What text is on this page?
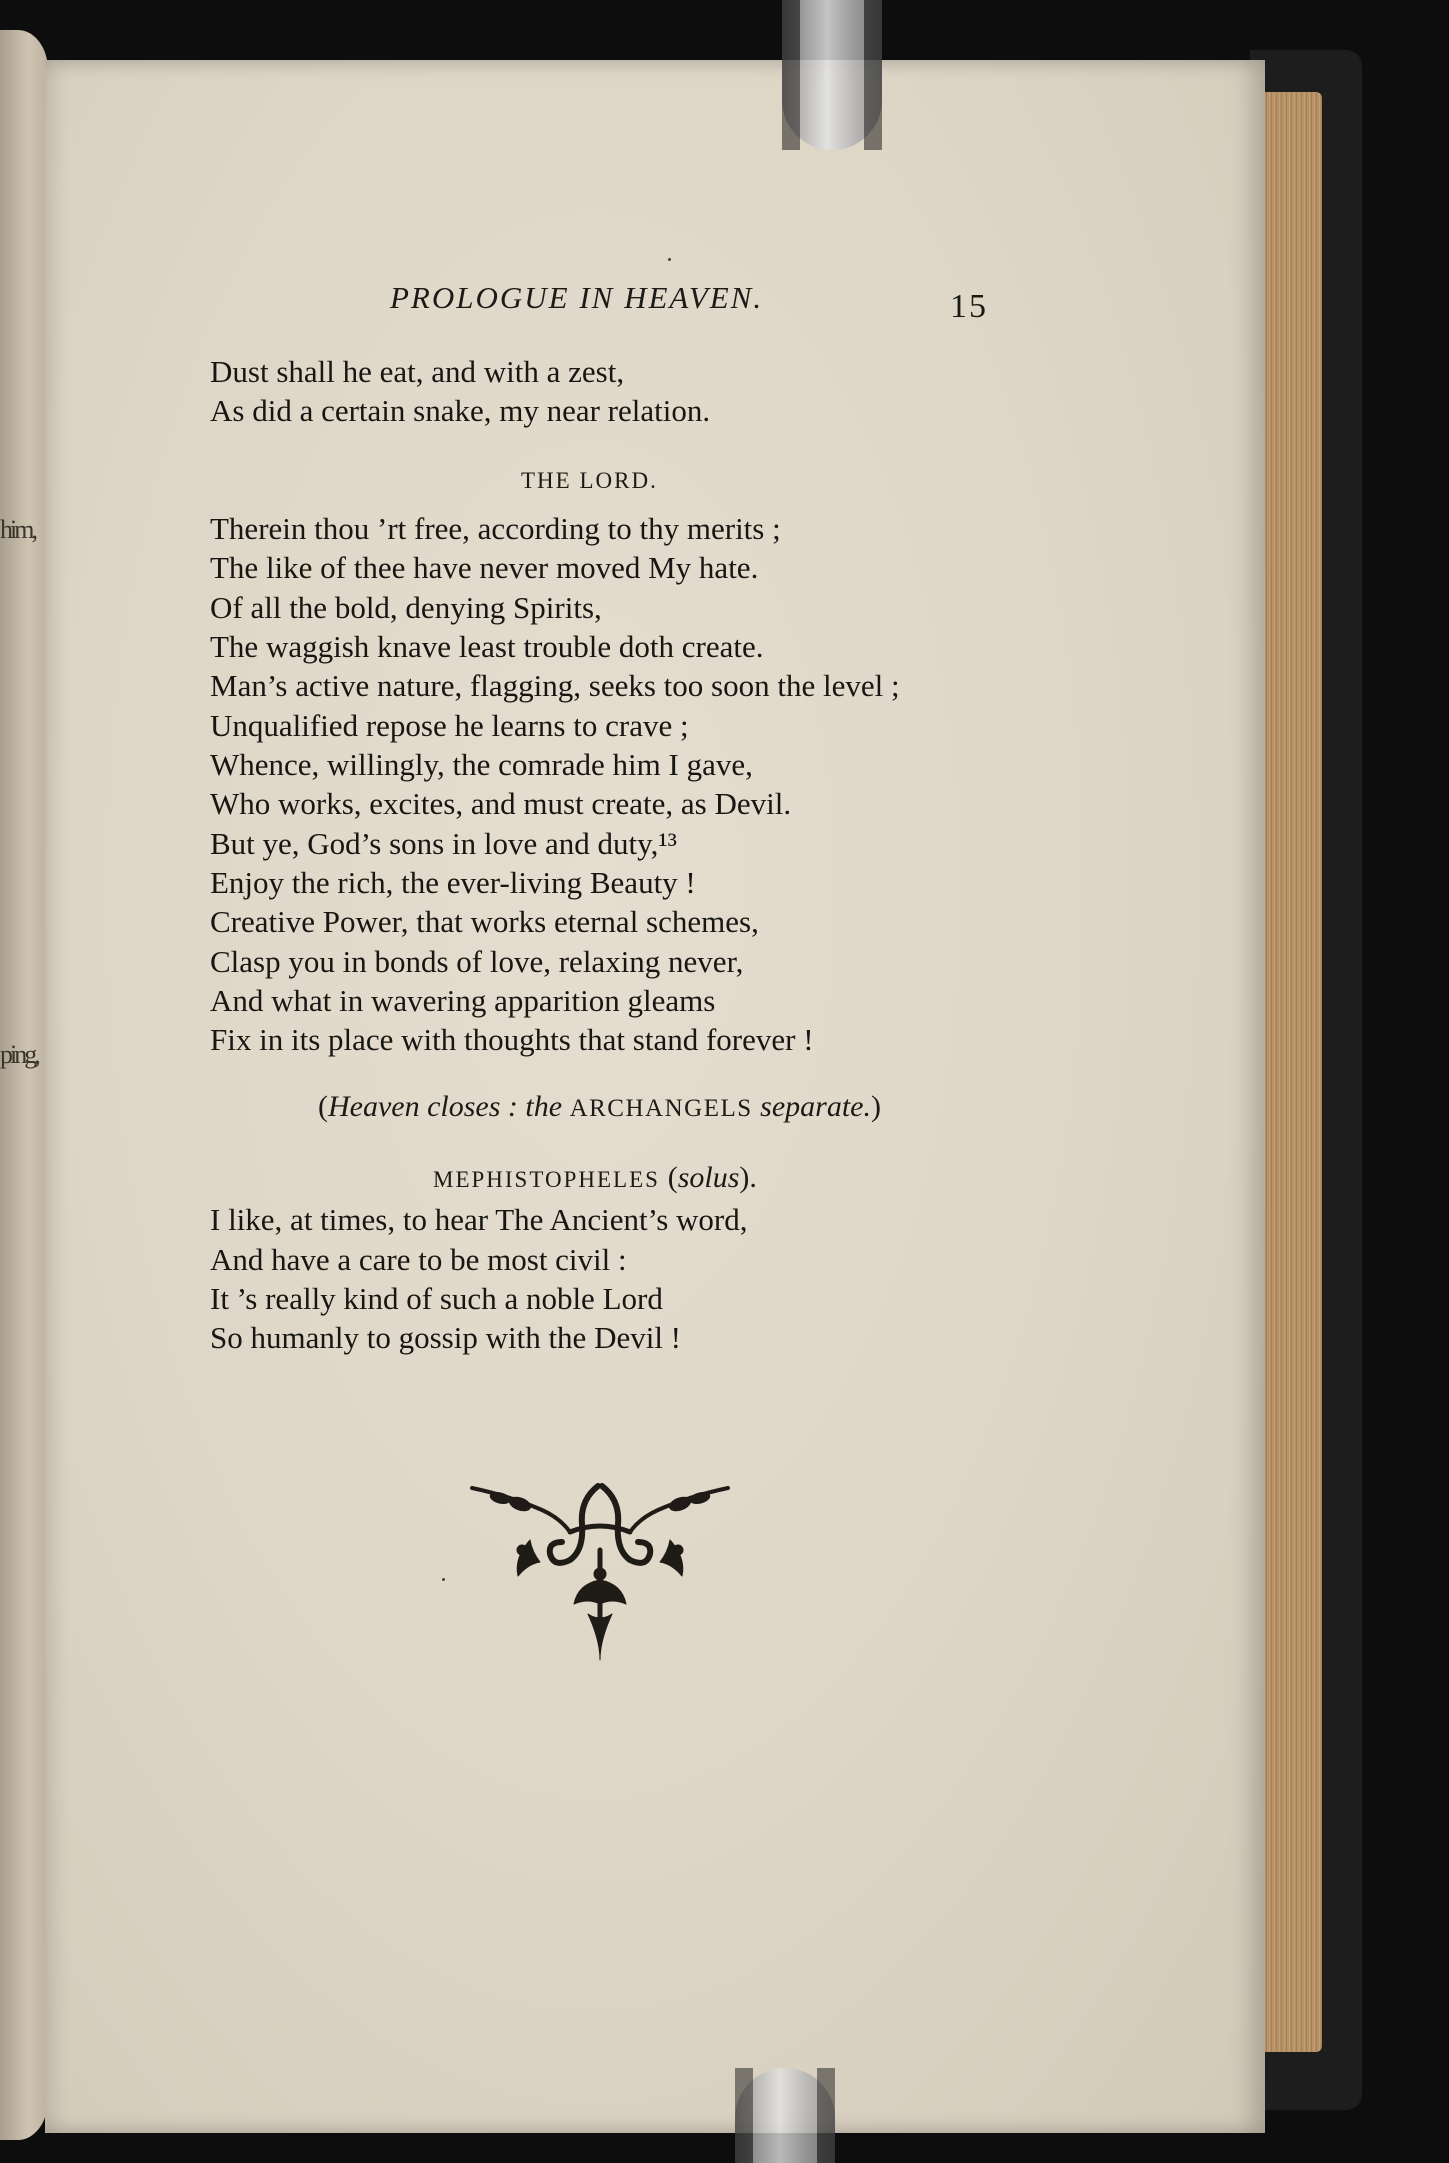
him,
ping,
PROLOGUE IN HEAVEN.	15
Dust shall he eat, and with a zest,
As did a certain snake, my near relation.
THE LORD.
Therein thou ’rt free, according to thy merits ;
The like of thee have never moved My hate.
Of all the bold, denying Spirits,
The waggish knave least trouble doth create.
Man’s active nature, flagging, seeks too soon the level ;
Unqualified repose he learns to crave ;
Whence, willingly, the comrade him I gave,
Who works, excites, and must create, as Devil.
But ye, God’s sons in love and duty,¹³
Enjoy the rich, the ever-living Beauty !
Creative Power, that works eternal schemes,
Clasp you in bonds of love, relaxing never,
And what in wavering apparition gleams
Fix in its place with thoughts that stand forever !
(Heaven closes : the ARCHANGELS separate.)
MEPHISTOPHELES (solus).
I like, at times, to hear The Ancient’s word,
And have a care to be most civil :
It ’s really kind of such a noble Lord
So humanly to gossip with the Devil !
